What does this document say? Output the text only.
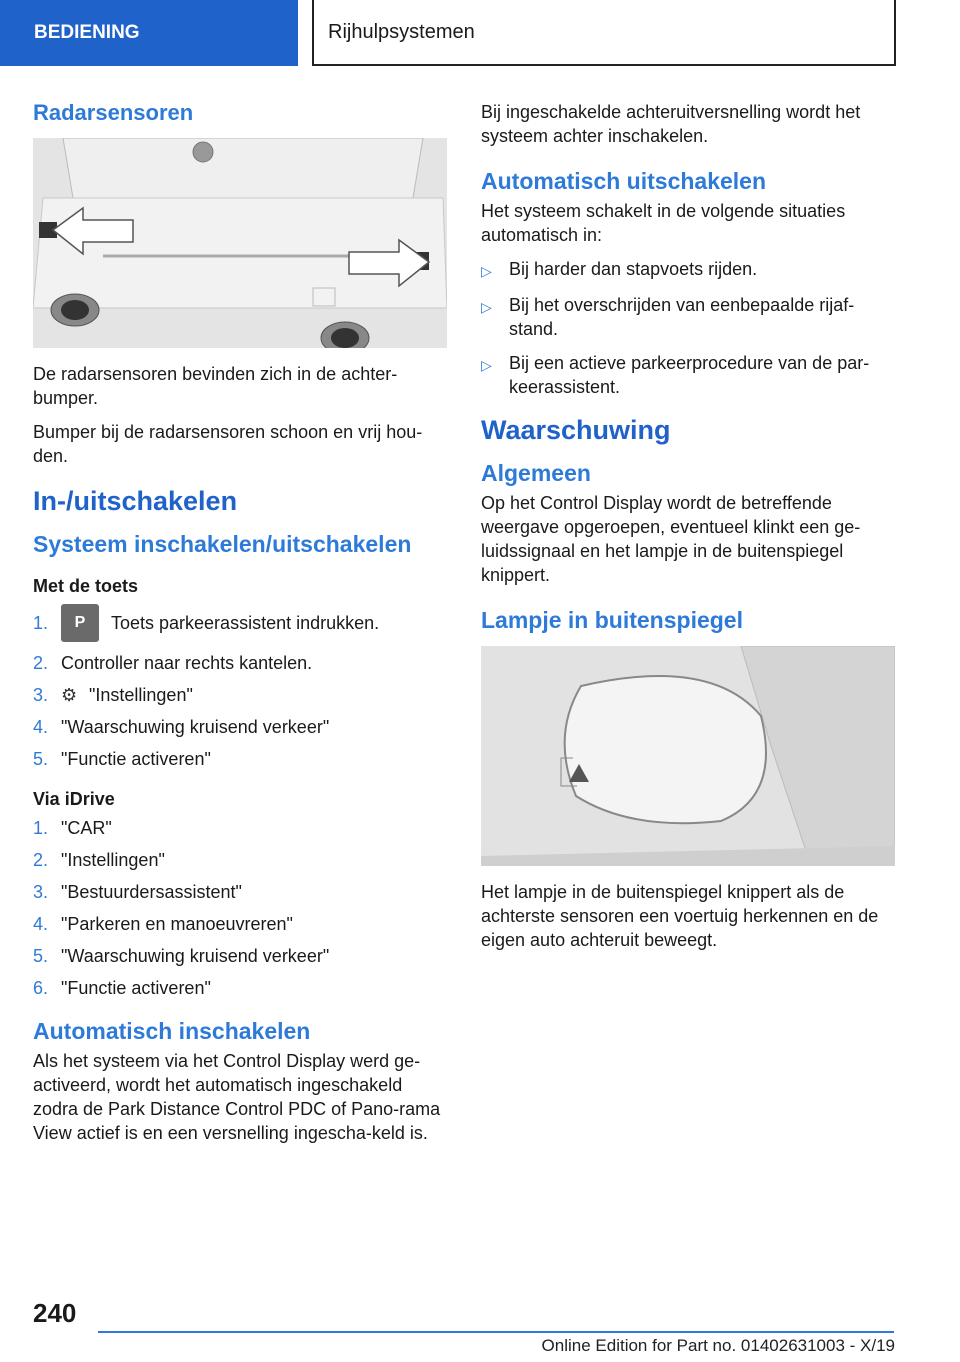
BEDIENING	Rijhulpsystemen
Radarsensoren

De radarsensoren bevinden zich in de achter-bumper.

Bumper bij de radarsensoren schoon en vrij hou-den.

In-/uitschakelen
Systeem inschakelen/uitschakelen
Met de toets
1.	P	Toets parkeerassistent indrukken.
2. Controller naar rechts kantelen.
3. ⚙ "Instellingen"
4. "Waarschuwing kruisend verkeer"
5. "Functie activeren"
Via iDrive
1. "CAR"
2. "Instellingen"
3. "Bestuurdersassistent"
4. "Parkeren en manoeuvreren"
5. "Waarschuwing kruisend verkeer"
6. "Functie activeren"
Automatisch inschakelen

Als het systeem via het Control Display werd ge-activeerd, wordt het automatisch ingeschakeld zodra de Park Distance Control PDC of Pano-rama View actief is en een versnelling ingescha-keld is.

Bij ingeschakelde achteruitversnelling wordt het systeem achter inschakelen.

Automatisch uitschakelen

Het systeem schakelt in de volgende situaties automatisch in:

▷ Bij harder dan stapvoets rijden.
▷ Bij het overschrijden van eenbepaalde rijaf-stand.
▷ Bij een actieve parkeerprocedure van de par-keerassistent.
Waarschuwing
Algemeen

Op het Control Display wordt de betreffende weergave opgeroepen, eventueel klinkt een ge-luidssignaal en het lampje in de buitenspiegel knippert.

Lampje in buitenspiegel

Het lampje in de buitenspiegel knippert als de achterste sensoren een voertuig herkennen en de eigen auto achteruit beweegt.

240
Online Edition for Part no. 01402631003 - X/19
